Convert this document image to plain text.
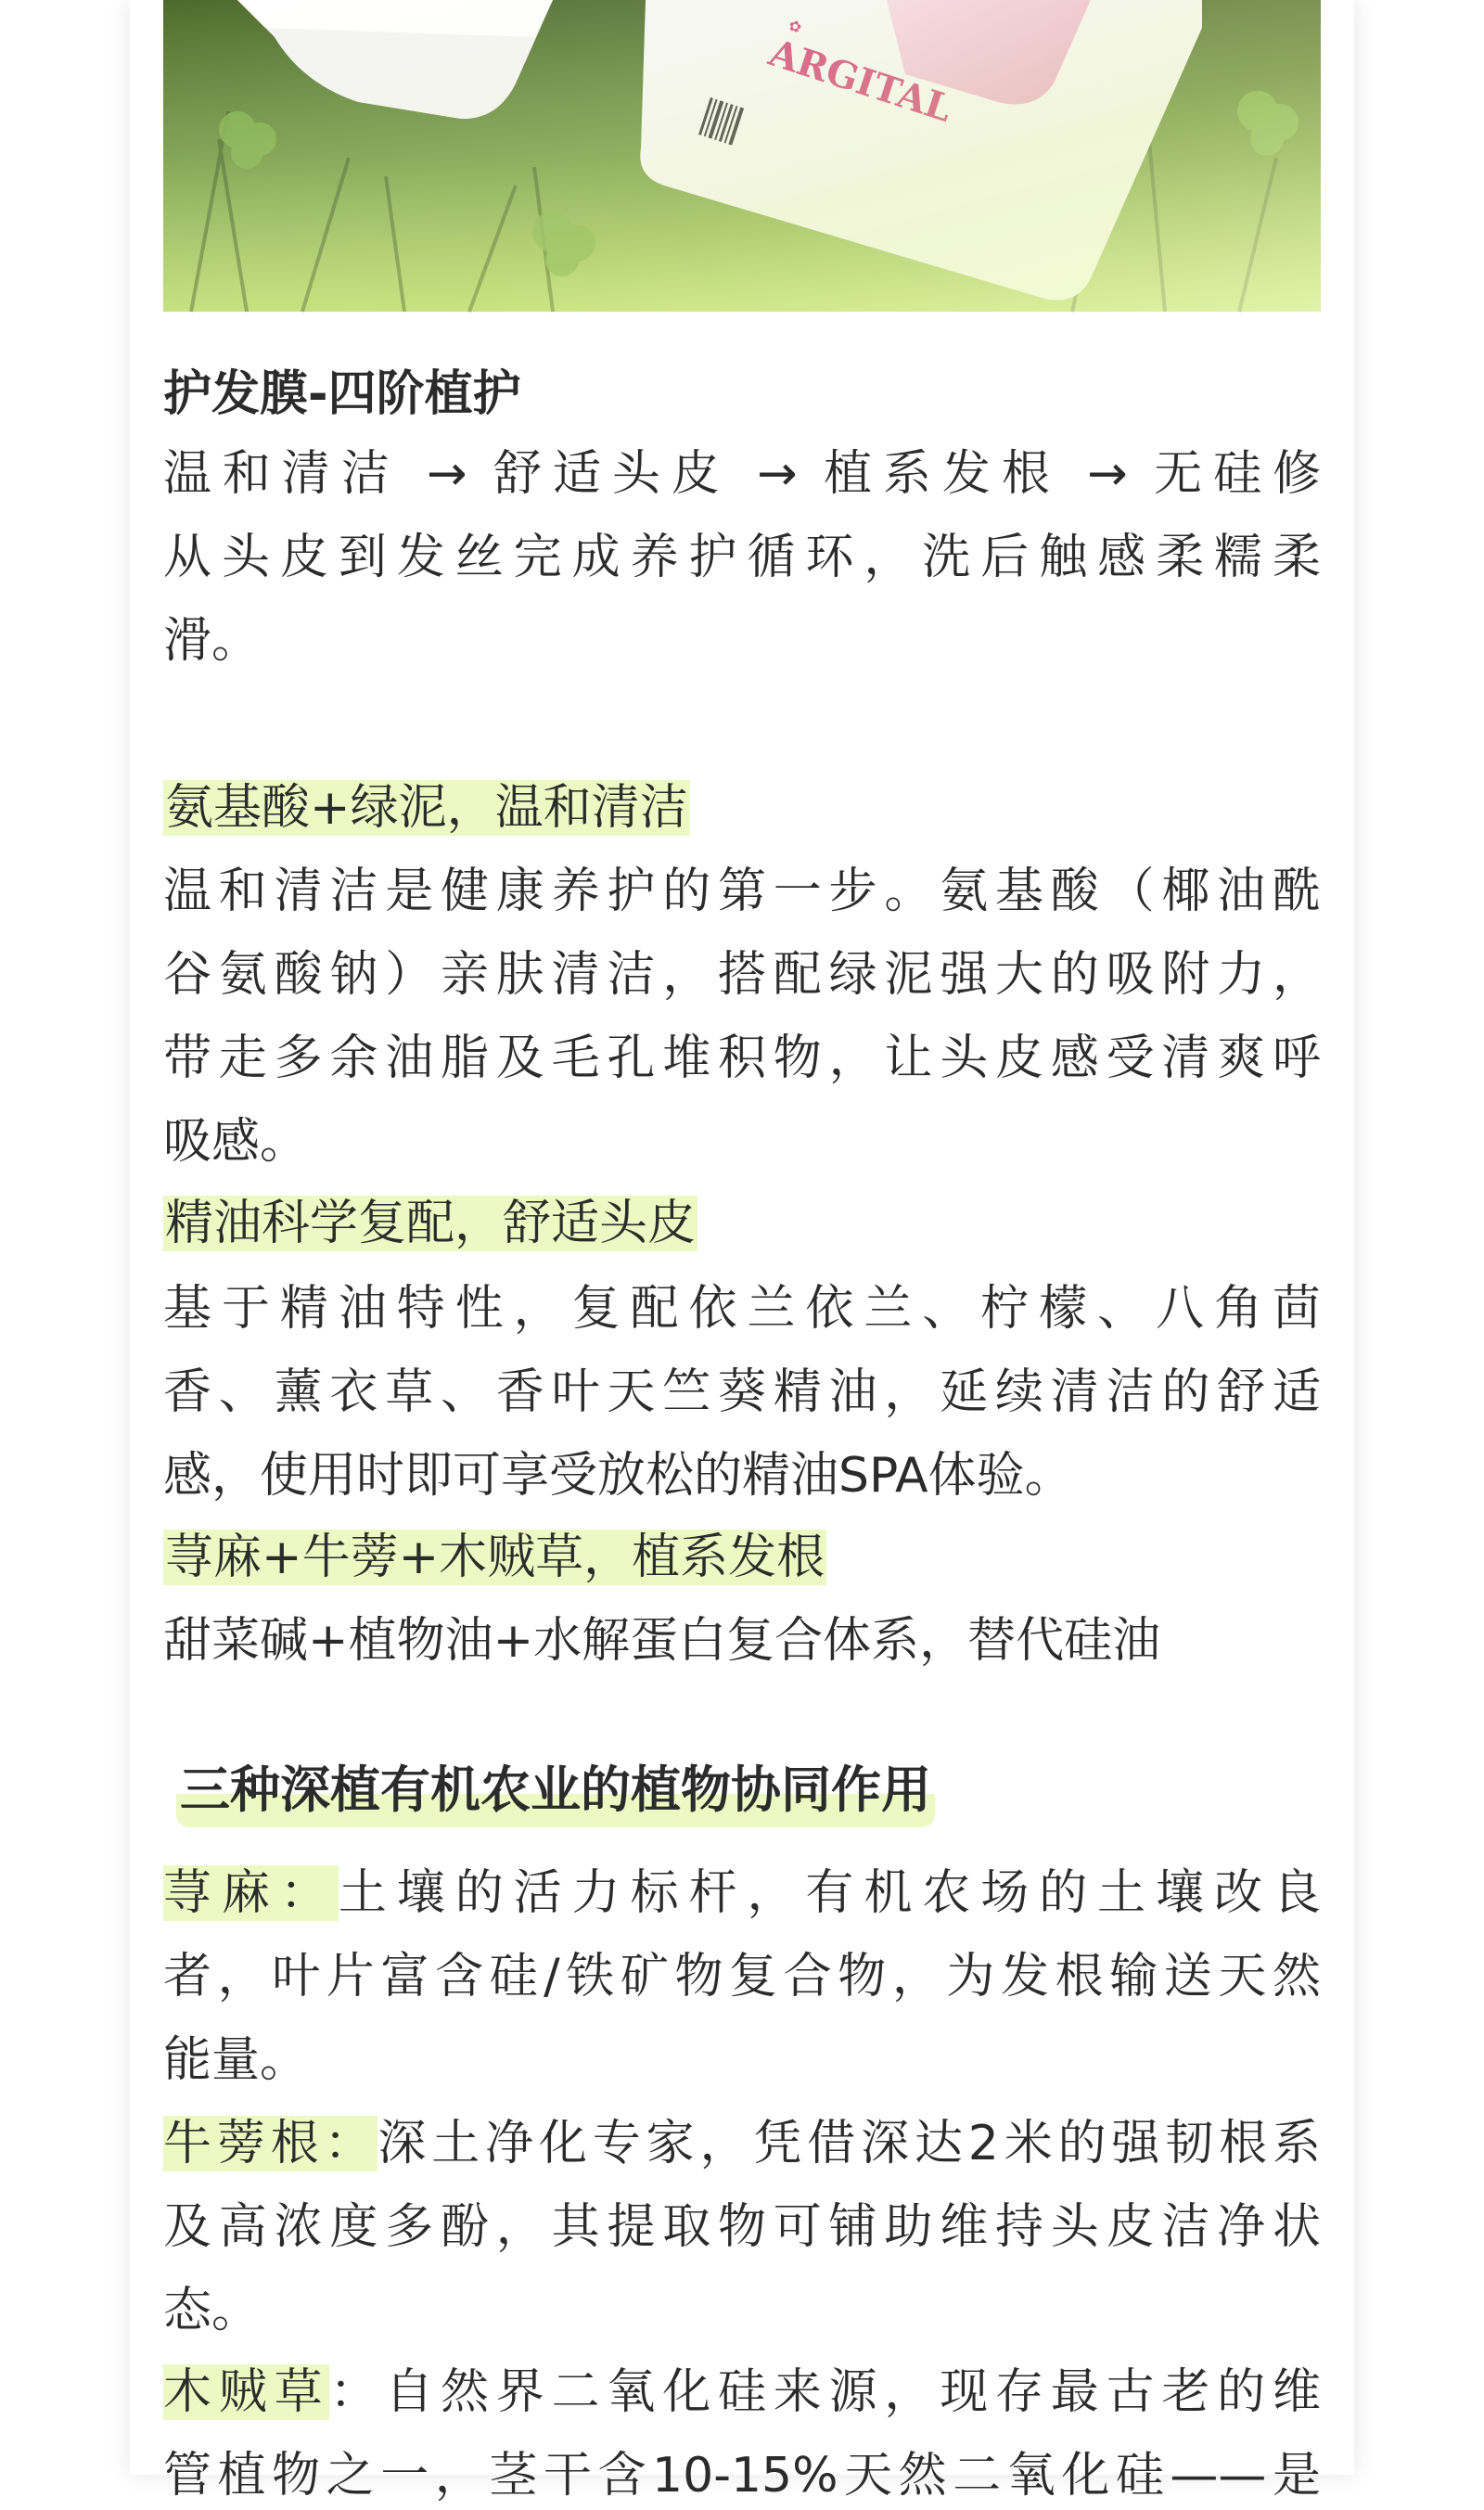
护发膜-四阶植护
温和清洁 → 舒适头皮 → 植系发根 → 无硅修
从头皮到发丝完成养护循环，洗后触感柔糯柔
滑。
氨基酸+绿泥，温和清洁
温和清洁是健康养护的第一步。氨基酸（椰油酰
谷氨酸钠）亲肤清洁，搭配绿泥强大的吸附力，
带走多余油脂及毛孔堆积物，让头皮感受清爽呼
吸感。
精油科学复配，舒适头皮
基于精油特性，复配依兰依兰、柠檬、八角茴
香、薰衣草、香叶天竺葵精油，延续清洁的舒适
感，使用时即可享受放松的精油SPA体验。
荨麻+牛蒡+木贼草，植系发根
甜菜碱+植物油+水解蛋白复合体系，替代硅油
三种深植有机农业的植物协同作用
荨麻：土壤的活力标杆，有机农场的土壤改良
者，叶片富含硅/铁矿物复合物，为发根输送天然
能量。
牛蒡根：深土净化专家，凭借深达2米的强韧根系
及高浓度多酚，其提取物可铺助维持头皮洁净状
态。
木贼草：自然界二氧化硅来源，现存最古老的维
管植物之一，茎干含10-15%天然二氧化硅——是
